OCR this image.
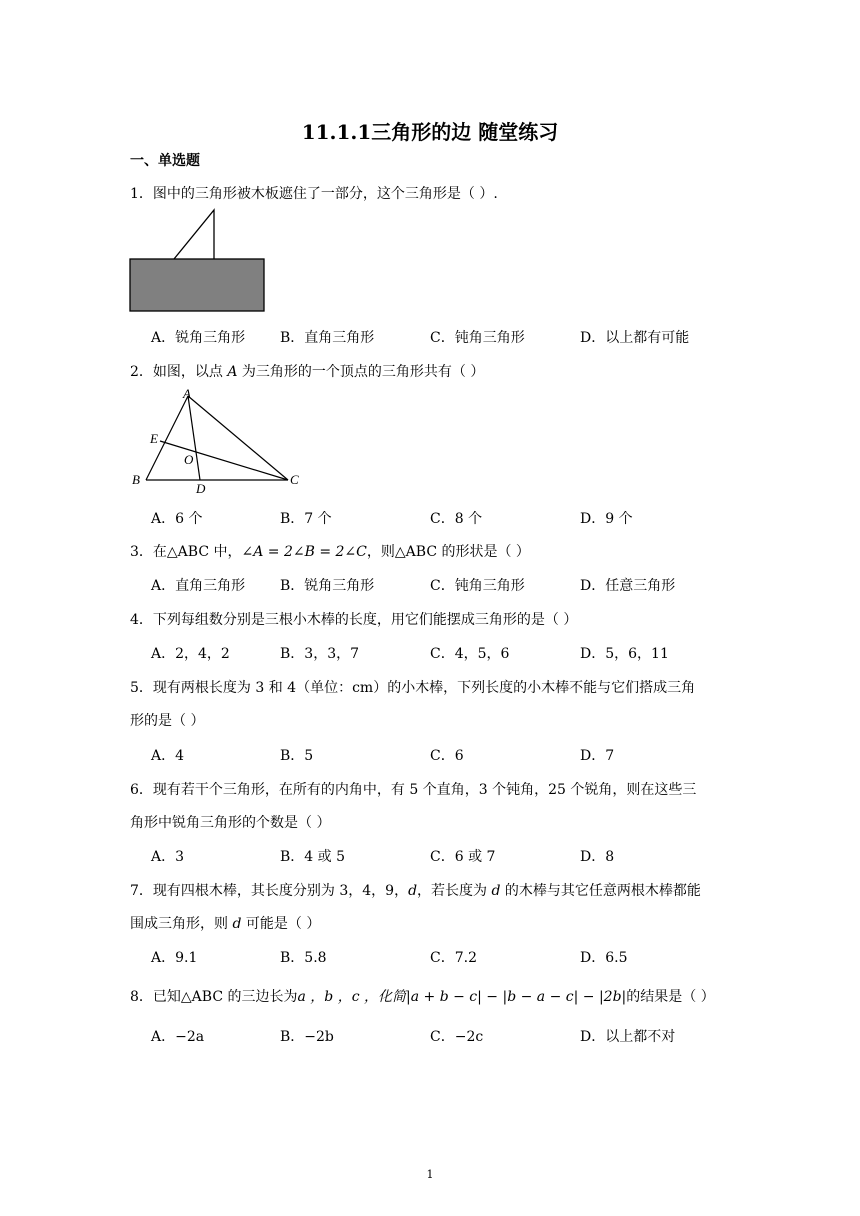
11.1.1三角形的边 随堂练习
一、单选题
1．图中的三角形被木板遮住了一部分，这个三角形是（ ）.
A．锐角三角形 B．直角三角形	C．钝角三角形	D．以上都有可能
2．如图，以点 A 为三角形的一个顶点的三角形共有（ ）
A
B	C
D
E
O
A．6 个	B．7 个	C．8 个	D．9 个
3．在△ABC 中，∠A = 2∠B = 2∠C，则△ABC 的形状是（ ）
A．直角三角形 B．锐角三角形	C．钝角三角形	D．任意三角形
4．下列每组数分别是三根小木棒的长度，用它们能摆成三角形的是（ ）
A．2，4，2	B．3，3，7	C．4，5，6	D．5，6，11
5．现有两根长度为 3 和 4（单位：cm）的小木棒，下列长度的小木棒不能与它们搭成三角
形的是（ ）
A．4	B．5	C．6	D．7
6．现有若干个三角形，在所有的内角中，有 5 个直角，3 个钝角，25 个锐角，则在这些三
角形中锐角三角形的个数是（ ）
A．3	B．4 或 5	C．6 或 7	D．8
7．现有四根木棒，其长度分别为 3，4，9，d，若长度为 d 的木棒与其它任意两根木棒都能
围成三角形，则 d 可能是（ ）
A．9.1	B．5.8	C．7.2	D．6.5
8．已知△ABC 的三边长为a ，b ，c ，化简|a + b − c| − |b − a − c| − |2b|的结果是（ ）
A．−2a	B．−2b	C．−2c	D．以上都不对
1
